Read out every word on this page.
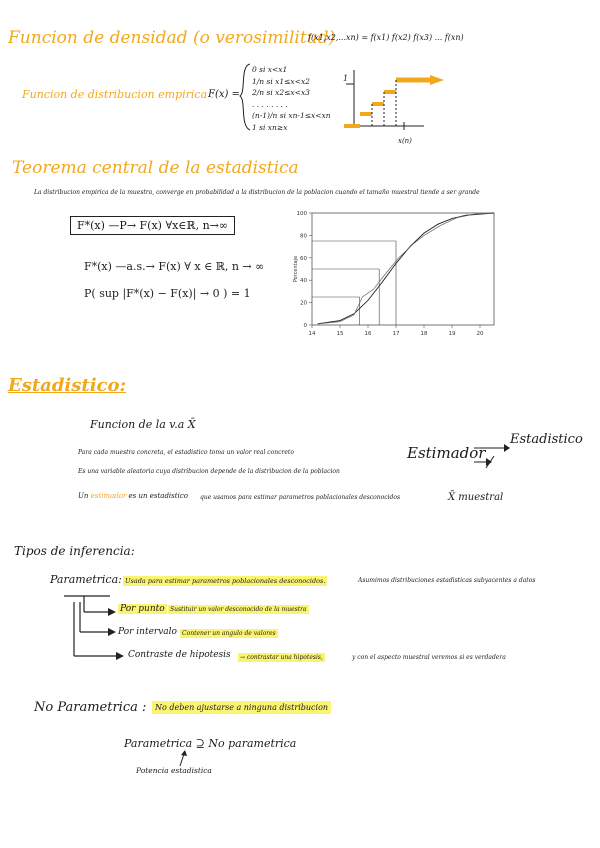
Funcion de densidad (o verosimilitud)
f(x1,x2,...xn) = f(x1) f(x2) f(x3) ... f(xn)
Funcion de distribucion empirica :
F(x) =
0 si x<x1
1/n si x1≤x<x2
2/n si x2≤x<x3
. . . . . . . .
(n-1)/n si xn-1≤x<xn
1 si xn≥x
1
x(n)
Teorema central de la estadistica
La distribucion empirica de la muestra, converge en probabilidad a la distribucion de la poblacion cuando el tamaño muestral tiende a ser grande
F*(x) —P→ F(x) ∀x∈ℝ, n→∞
F*(x) —a.s.→ F(x) ∀ x ∈ ℝ, n → ∞
P( sup |F*(x) − F(x)| → 0 ) = 1
0
20
40
60
80
100
14	15	16	17	18	19	20
Porcentaje
Estadistico:
Funcion de la v.a X̄
Para cada muestra concreta, el estadistico toma un valor real concreto
Es una variable aleatoria cuya distribucion depende de la distribucion de la poblacion
Un estimador es un estadistico que usamos para estimar parametros poblacionales desconocidos
Estimador
Estadistico
X̄ muestral
Tipos de inferencia:
Parametrica: Usada para estimar parametros poblacionales desconocidos.	Asumimos distribuciones estadisticas subyacentes a datos
Por punto Sustituir un valor desconocido de la muestra
Por intervalo Contener un angulo de valores
Contraste de hipotesis	→ contrastar una hipotesis,	y con el aspecto muestral veremos si es verdadera
No Parametrica :	No deben ajustarse a ninguna distribucion
Parametrica ⊇ No parametrica
Potencia estadistica
